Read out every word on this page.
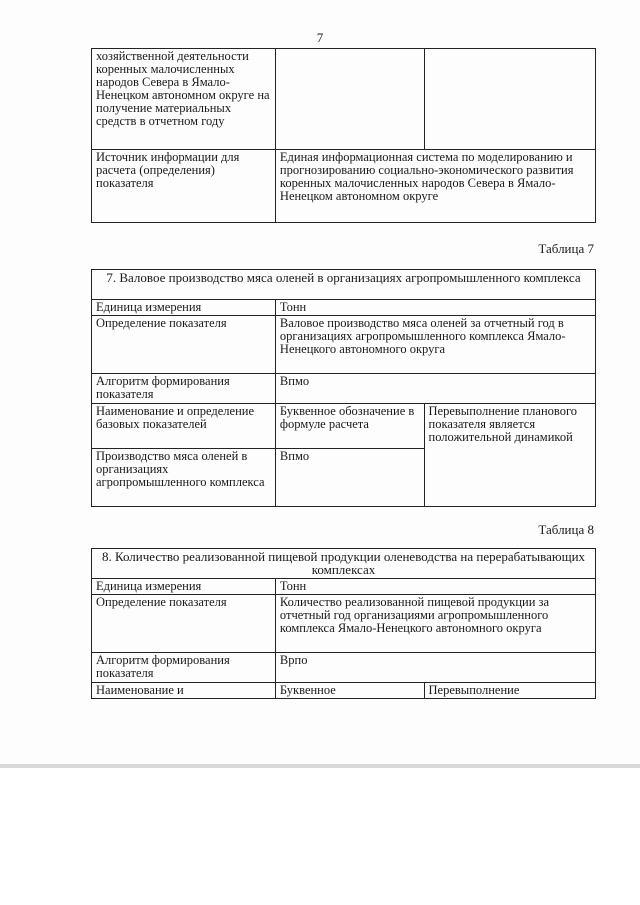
7
хозяйственной деятельности коренных малочисленных народов Севера в Ямало-Ненецком автономном округе на получение материальных средств в отчетном году		
Источник информации для расчета (определения) показателя	Единая информационная система по моделированию и прогнозированию социально-экономического развития коренных малочисленных народов Севера в Ямало-Ненецком автономном округе	
Таблица 7
7. Валовое производство мяса оленей в организациях агропромышленного комплекса		
Единица измерения	Тонн	
Определение показателя	Валовое производство мяса оленей за отчетный год в организациях агропромышленного комплекса Ямало-Ненецкого автономного округа	
Алгоритм формирования показателя	Впмо	
Наименование и определение базовых показателей	Буквенное обозначение в формуле расчета	Перевыполнение планового показателя является положительной динамикой
Производство мяса оленей в организациях агропромышленного комплекса	Впмо	
Таблица 8
8. Количество реализованной пищевой продукции оленеводства на перерабатывающих комплексах		
Единица измерения	Тонн	
Определение показателя	Количество реализованной пищевой продукции за отчетный год организациями агропромышленного комплекса Ямало-Ненецкого автономного округа	
Алгоритм формирования показателя	Врпо	
Наименование и	Буквенное	Перевыполнение
